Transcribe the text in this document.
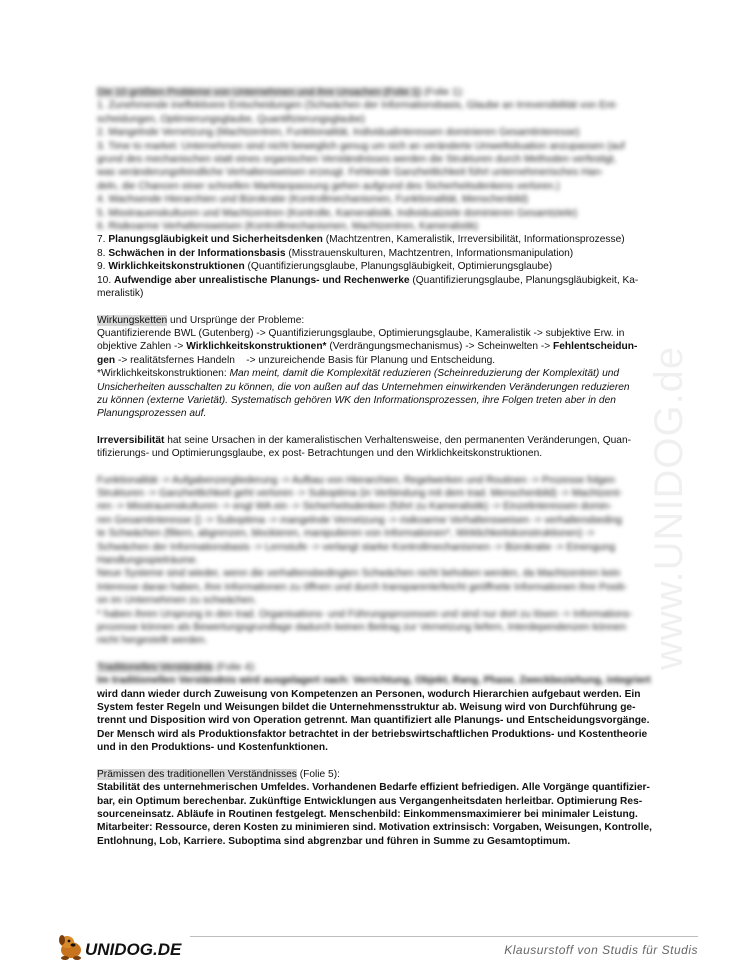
Die 10 größten Probleme von Unternehmen und ihre Ursachen (Folie 1) (Folie 1):

1. Zunehmende ineffektivere Entscheidungen (Schwächen der Informationsbasis, Glaube an Irreversibilität von Ent-

scheidungen, Optimierungsglaube, Quantifizierungsglaube)

2. Mangelnde Vernetzung (Machtzentren, Funktionalität, Individualinteressen dominieren Gesamtinteresse)

3. Time to market: Unternehmen sind nicht beweglich genug um sich an veränderte Umweltsituation anzupassen (auf

grund des mechanischen statt eines organischen Verständnisses werden die Strukturen durch Methoden verfestigt,

was veränderungsfeindliche Verhaltensweisen erzeugt. Fehlende Ganzheitlichkeit führt unternehmerisches Han-

deln, die Chancen einer schnellen Marktanpassung gehen aufgrund des Sicherheitsdenkens verloren.)

4. Wachsende Hierarchien und Bürokratie (Kontrollmechanismen, Funktionalität, Menschenbild)

5. Misstrauenskulturen und Machtzentren (Kontrolle, Kameralistik, Individualziele dominieren Gesamtziele)

6. Risikoarme Verhaltensweisen (Kontrollmechanismen, Machtzentren, Kameralistik)

7. Planungsgläubigkeit und Sicherheitsdenken (Machtzentren, Kameralistik, Irreversibilität, Informationsprozesse)

8. Schwächen in der Informationsbasis (Misstrauenskulturen, Machtzentren, Informationsmanipulation)

9. Wirklichkeitskonstruktionen (Quantifizierungsglaube, Planungsgläubigkeit, Optimierungsglaube)

10. Aufwendige aber unrealistische Planungs- und Rechenwerke (Quantifizierungsglaube, Planungsgläubigkeit, Ka-

meralistik)

Wirkungsketten und Ursprünge der Probleme:

Quantifizierende BWL (Gutenberg) -> Quantifizierungsglaube, Optimierungsglaube, Kameralistik -> subjektive Erw. in

objektive Zahlen -> Wirklichkeitskonstruktionen* (Verdrängungsmechanismus) -> Scheinwelten -> Fehlentscheidun-

gen -> realitätsfernes Handeln    -> unzureichende Basis für Planung und Entscheidung.

*Wirklichkeitskonstruktionen: Man meint, damit die Komplexität reduzieren (Scheinreduzierung der Komplexität) und

Unsicherheiten ausschalten zu können, die von außen auf das Unternehmen einwirkenden Veränderungen reduzieren

zu können (externe Varietät). Systematisch gehören WK den Informationsprozessen, ihre Folgen treten aber in den

Planungsprozessen auf.

Irreversibilität hat seine Ursachen in der kameralistischen Verhaltensweise, den permanenten Veränderungen, Quan-

tifizierungs- und Optimierungsglaube, ex post- Betrachtungen und den Wirklichkeitskonstruktionen.

Funktionalität -> Aufgabenzergliederung -> Aufbau von Hierarchien, Regelwerken und Routinen -> Prozesse folgen

Strukturen -> Ganzheitlichkeit geht verloren -> Suboptima (in Verbindung mit dem trad. Menschenbild) -> Machtzent-

ren -> Misstrauenskulturen -> engt WA ein -> Sicherheitsdenken (führt zu Kameralistik) -> Einzelinteressen domin-

ren Gesamtinteresse () -> Suboptima -> mangelnde Vernetzung -> risikoarme Verhaltensweisen -> verhaltensbeding

te Schwächen (filtern, abgrenzen, blockieren, manipulieren von Informationen*, Wirklichkeitskonstruktionen) ->

Schwächen der Informationsbasis -> Lernstufe -> verlangt starke Kontrollmechanismen -> Bürokratie -> Einengung

Handlungsspielräume.

Neue Systeme sind wieder, wenn die verhaltensbedingten Schwächen nicht behoben werden, da Machtzentren kein

Interesse daran haben, ihre Informationen zu öffnen und durch transparente/leicht geöffnete Informationen ihre Positi-

on im Unternehmen zu schwächen.

* haben ihren Ursprung in den trad. Organisations- und Führungsprozessen und sind nur dort zu lösen -> Informations-

prozesse können als Bewertungsgrundlage dadurch keinen Beitrag zur Vernetzung liefern, Interdependenzen können

nicht hergestellt werden.

Traditionelles Verständnis (Folie 4):

Im traditionellen Verständnis wird ausgelagert nach: Verrichtung, Objekt, Rang, Phase, Zweckbeziehung, integriert

wird dann wieder durch Zuweisung von Kompetenzen an Personen, wodurch Hierarchien aufgebaut werden. Ein

System fester Regeln und Weisungen bildet die Unternehmensstruktur ab. Weisung wird von Durchführung ge-

trennt und Disposition wird von Operation getrennt. Man quantifiziert alle Planungs- und Entscheidungsvorgänge.

Der Mensch wird als Produktionsfaktor betrachtet in der betriebswirtschaftlichen Produktions- und Kostentheorie

und in den Produktions- und Kostenfunktionen.

Prämissen des traditionellen Verständnisses (Folie 5):

Stabilität des unternehmerischen Umfeldes. Vorhandenen Bedarfe effizient befriedigen. Alle Vorgänge quantifizier-

bar, ein Optimum berechenbar. Zukünftige Entwicklungen aus Vergangenheitsdaten herleitbar. Optimierung Res-

sourceneinsatz. Abläufe in Routinen festgelegt. Menschenbild: Einkommensmaximierer bei minimaler Leistung.

Mitarbeiter: Ressource, deren Kosten zu minimieren sind. Motivation extrinsisch: Vorgaben, Weisungen, Kontrolle,

Entlohnung, Lob, Karriere. Suboptima sind abgrenzbar und führen in Summe zu Gesamtoptimum.

www.UNIDOG.de
UNIDOG.DE	Klausurstoff von Studis für Studis
